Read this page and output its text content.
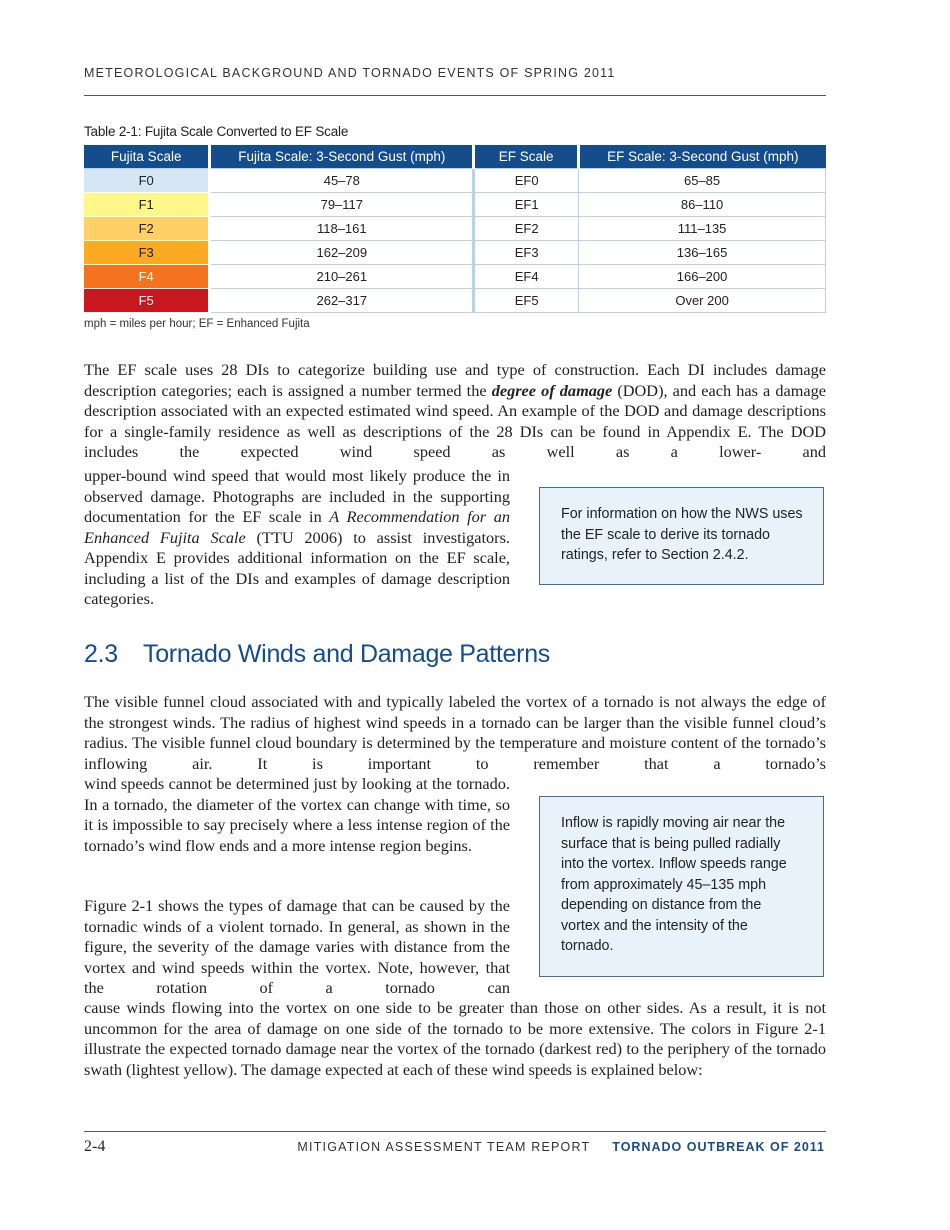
METEOROLOGICAL BACKGROUND AND TORNADO EVENTS OF SPRING 2011
Table 2-1: Fujita Scale Converted to EF Scale
Fujita Scale	Fujita Scale: 3-Second Gust (mph)	EF Scale	EF Scale: 3-Second Gust (mph)
F0	45–78	EF0	65–85
F1	79–117	EF1	86–110
F2	118–161	EF2	111–135
F3	162–209	EF3	136–165
F4	210–261	EF4	166–200
F5	262–317	EF5	Over 200
mph = miles per hour; EF = Enhanced Fujita
The EF scale uses 28 DIs to categorize building use and type of construction. Each DI includes damage description categories; each is assigned a number termed the degree of damage (DOD), and each has a damage description associated with an expected estimated wind speed. An example of the DOD and damage descriptions for a single-family residence as well as descriptions of the 28 DIs can be found in Appendix E. The DOD includes the expected wind speed as well as a lower- and
upper-bound wind speed that would most likely produce the in observed damage. Photographs are included in the supporting documentation for the EF scale in A Recommendation for an Enhanced Fujita Scale (TTU 2006) to assist investigators. Appendix E provides additional information on the EF scale, including a list of the DIs and examples of damage description categories.
For information on how the NWS uses the EF scale to derive its tornado ratings, refer to Section 2.4.2.
2.3 Tornado Winds and Damage Patterns
The visible funnel cloud associated with and typically labeled the vortex of a tornado is not always the edge of the strongest winds. The radius of highest wind speeds in a tornado can be larger than the visible funnel cloud’s radius. The visible funnel cloud boundary is determined by the temperature and moisture content of the tornado’s inflowing air. It is important to remember that a tornado’s
wind speeds cannot be determined just by looking at the tornado. In a tornado, the diameter of the vortex can change with time, so it is impossible to say precisely where a less intense region of the tornado’s wind flow ends and a more intense region begins.
Figure 2-1 shows the types of damage that can be caused by the tornadic winds of a violent tornado. In general, as shown in the figure, the severity of the damage varies with distance from the vortex and wind speeds within the vortex. Note, however, that the rotation of a tornado can
cause winds flowing into the vortex on one side to be greater than those on other sides. As a result, it is not uncommon for the area of damage on one side of the tornado to be more extensive. The colors in Figure 2-1 illustrate the expected tornado damage near the vortex of the tornado (darkest red) to the periphery of the tornado swath (lightest yellow). The damage expected at each of these wind speeds is explained below:
Inflow is rapidly moving air near the surface that is being pulled radially into the vortex. Inflow speeds range from approximately 45–135 mph depending on distance from the vortex and the intensity of the tornado.
2-4	MITIGATION ASSESSMENT TEAM REPORT TORNADO OUTBREAK OF 2011
